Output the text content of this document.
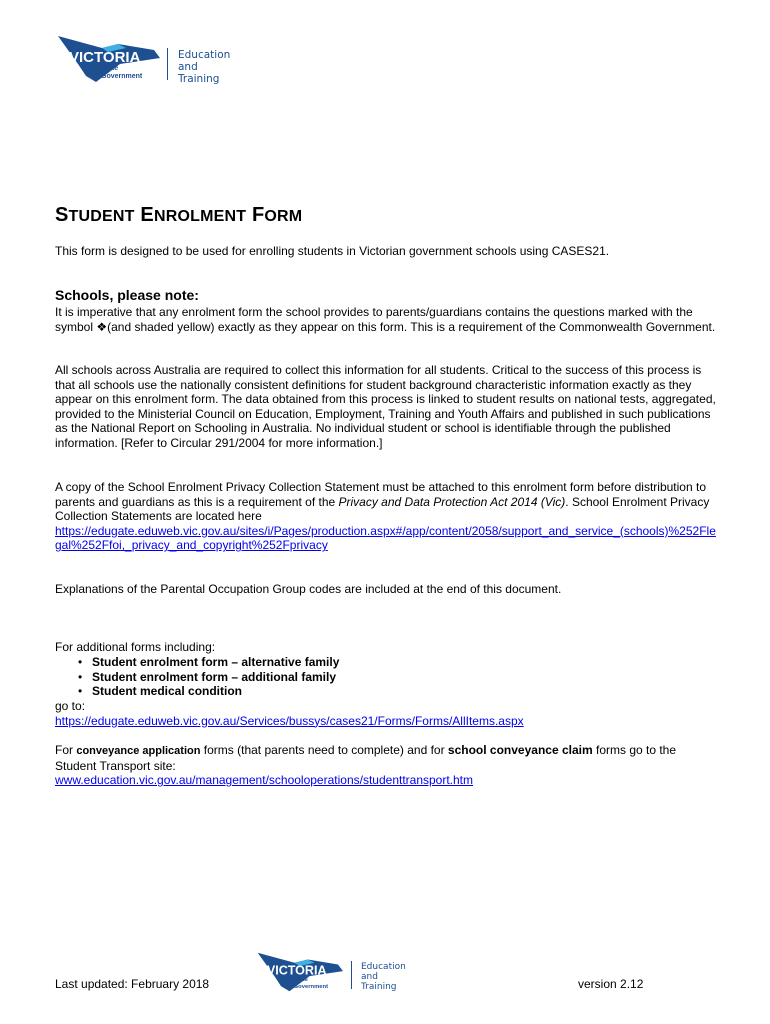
VICTORIA
State
Government
Education
and Training
STUDENT ENROLMENT FORM

This form is designed to be used for enrolling students in Victorian government schools using CASES21.

Schools, please note:

It is imperative that any enrolment form the school provides to parents/guardians contains the questions marked with the symbol ❖(and shaded yellow) exactly as they appear on this form. This is a requirement of the Commonwealth Government.

All schools across Australia are required to collect this information for all students. Critical to the success of this process is that all schools use the nationally consistent definitions for student background characteristic information exactly as they appear on this enrolment form. The data obtained from this process is linked to student results on national tests, aggregated, provided to the Ministerial Council on Education, Employment, Training and Youth Affairs and published in such publications as the National Report on Schooling in Australia. No individual student or school is identifiable through the published information. [Refer to Circular 291/2004 for more information.]

A copy of the School Enrolment Privacy Collection Statement must be attached to this enrolment form before distribution to parents and guardians as this is a requirement of the Privacy and Data Protection Act 2014 (Vic). School Enrolment Privacy Collection Statements are located here
https://edugate.eduweb.vic.gov.au/sites/i/Pages/production.aspx#/app/content/2058/support_and_service_(schools)%252Flegal%252Ffoi,_privacy_and_copyright%252Fprivacy

Explanations of the Parental Occupation Group codes are included at the end of this document.

For additional forms including:

• Student enrolment form – alternative family
• Student enrolment form – additional family
• Student medical condition

go to:
https://edugate.eduweb.vic.gov.au/Services/bussys/cases21/Forms/Forms/AllItems.aspx

For conveyance application forms (that parents need to complete) and for school conveyance claim forms go to the Student Transport site:
www.education.vic.gov.au/management/schooloperations/studenttransport.htm

VICTORIA
State
Government
Education
and Training
Last updated: February 2018	version 2.12
